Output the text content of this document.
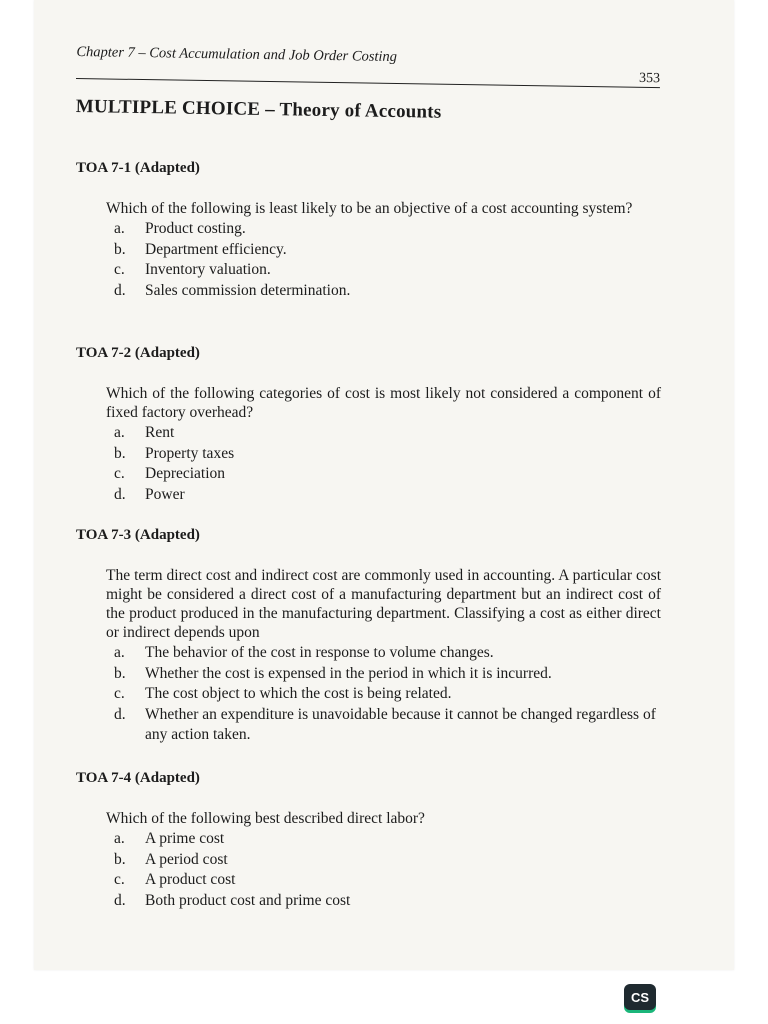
Chapter 7 – Cost Accumulation and Job Order Costing
353
MULTIPLE CHOICE – Theory of Accounts
TOA 7-1 (Adapted)
Which of the following is least likely to be an objective of a cost accounting system?
a.	Product costing.
b.	Department efficiency.
c.	Inventory valuation.
d.	Sales commission determination.
TOA 7-2 (Adapted)
Which of the following categories of cost is most likely not considered a component of fixed factory overhead?
a.	Rent
b.	Property taxes
c.	Depreciation
d.	Power
TOA 7-3 (Adapted)
The term direct cost and indirect cost are commonly used in accounting. A particular cost might be considered a direct cost of a manufacturing department but an indirect cost of the product produced in the manufacturing department. Classifying a cost as either direct or indirect depends upon
a.	The behavior of the cost in response to volume changes.
b.	Whether the cost is expensed in the period in which it is incurred.
c.	The cost object to which the cost is being related.
d.	Whether an expenditure is unavoidable because it cannot be changed regardless of any action taken.
TOA 7-4 (Adapted)
Which of the following best described direct labor?
a.	A prime cost
b.	A period cost
c.	A product cost
d.	Both product cost and prime cost
CS
